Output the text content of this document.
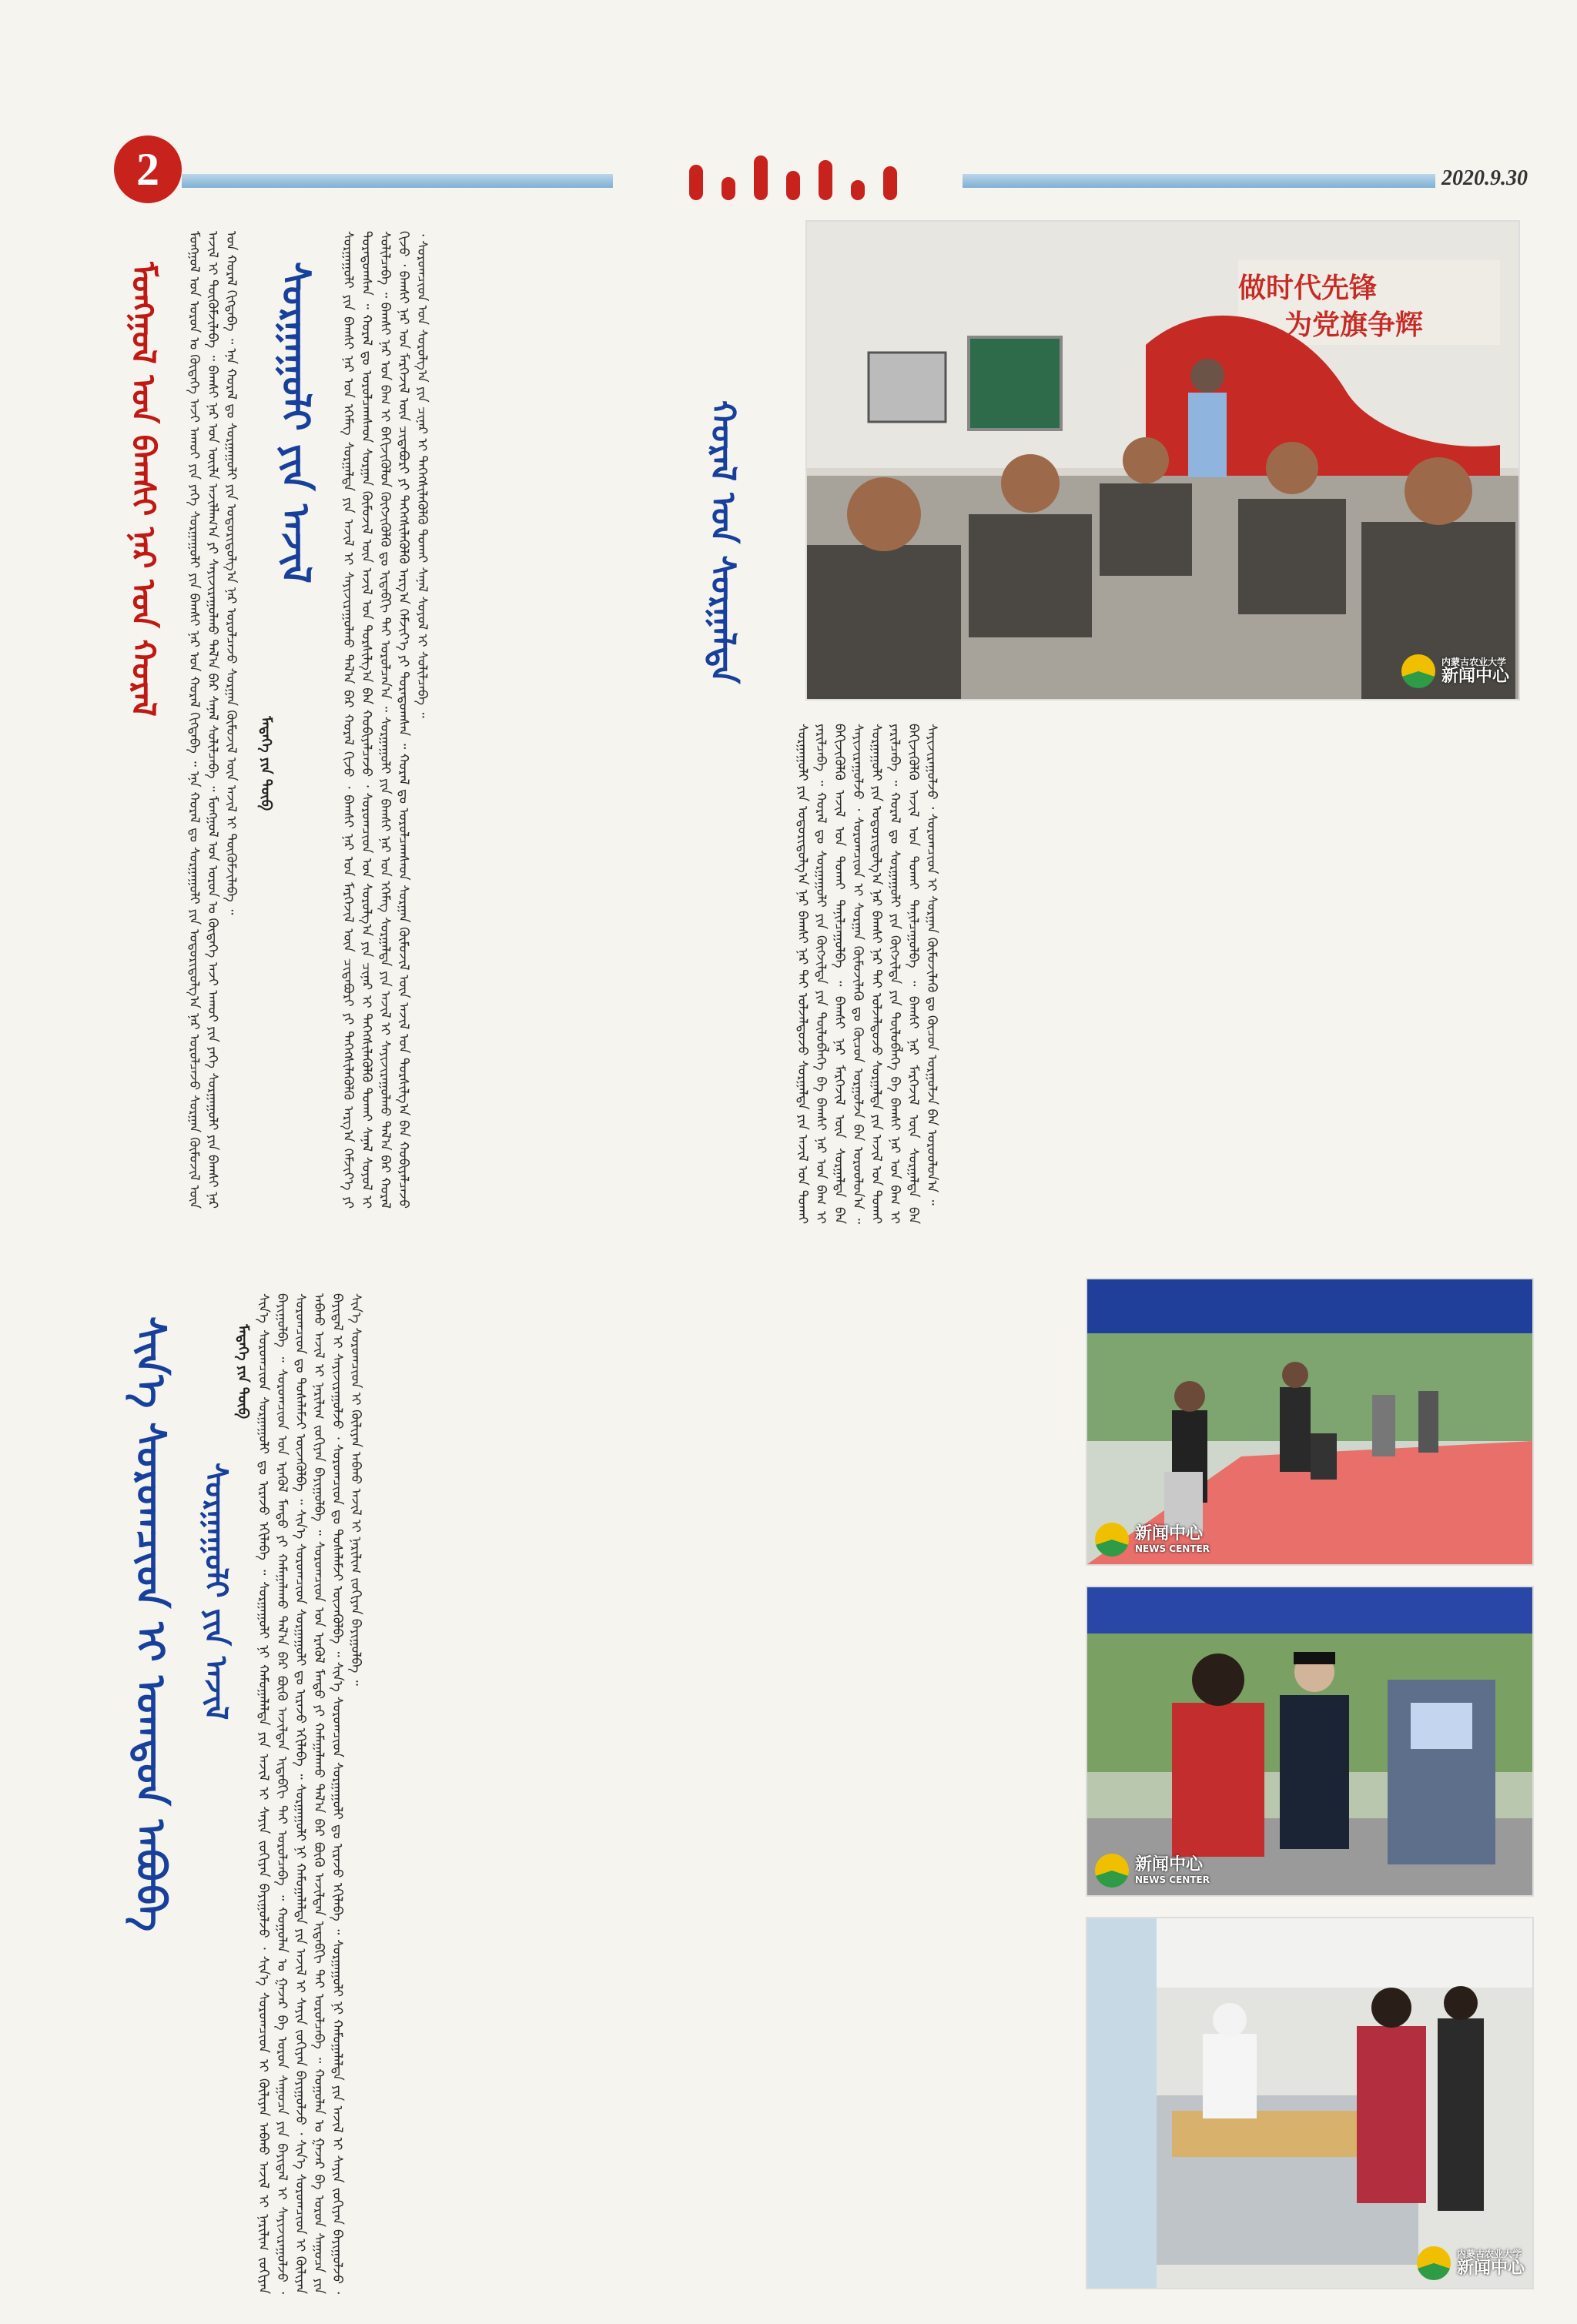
2	2020.9.30
ᠮᠣᠩᠭᠣᠯ ᠤᠨ ᠪᠠᠭᠰᠢ ᠨᠠᠷ ᠤᠨ ᠬᠤᠷᠠᠯ	ᠰᠤᠷᠭᠠᠭᠤᠯᠢ ᠶᠢᠨ ᠠᠵᠢᠯ	ᠬᠤᠷᠠᠯ ᠤᠨ ᠰᠤᠷᠭᠠᠯᠲᠠ
ᠮᠡᠳᠡᠭᠡ ᠶᠢᠨ ᠲᠥᠪ
ᠮᠣᠩᠭᠣᠯ ᠤᠨ ᠣᠷᠣᠨ ᠤ ᠬᠥᠳᠡᠭᠡ ᠠᠵᠢ ᠠᠬᠤᠢ ᠶᠢᠨ ᠶᠡᠬᠡ ᠰᠤᠷᠭᠠᠭᠤᠯᠢ ᠶᠢᠨ ᠪᠠᠭᠰᠢ ᠨᠠᠷ ᠤᠨ ᠬᠤᠷᠠᠯ ᠬᠢᠭᠳᠡᠪᠡ ᠃ ᠡᠨᠡ ᠬᠤᠷᠠᠯ ᠳᠤ ᠰᠤᠷᠭᠠᠭᠤᠯᠢ ᠶᠢᠨ ᠤᠳᠤᠷᠢᠳᠤᠯᠭ᠎ᠠ ᠨᠠᠷ ᠣᠷᠤᠯᠴᠠᠵᠤ ᠰᠤᠷᠭᠠᠨ ᠬᠦᠮᠦᠵᠢᠯ ᠦᠨ ᠠᠵᠢᠯ ᠢ ᠳᠦᠭᠦᠮᠵᠢᠯᠡᠪᠡ ᠃ ᠪᠠᠭᠰᠢ ᠨᠠᠷ ᠤᠨ ᠦᠢᠯᠡ ᠠᠵᠢᠯᠯᠠᠭ᠎ᠠ ᠶᠢ ᠰᠠᠶᠢᠵᠢᠷᠠᠭᠤᠯᠬᠤ ᠲᠠᠯ᠎ᠠ ᠪᠠᠷ ᠰᠠᠨᠠᠯ ᠰᠣᠯᠢᠯᠴᠠᠪᠠ ᠃ ᠮᠣᠩᠭᠣᠯ ᠤᠨ ᠣᠷᠣᠨ ᠤ ᠬᠥᠳᠡᠭᠡ ᠠᠵᠢ ᠠᠬᠤᠢ ᠶᠢᠨ ᠶᠡᠬᠡ ᠰᠤᠷᠭᠠᠭᠤᠯᠢ ᠶᠢᠨ ᠪᠠᠭᠰᠢ ᠨᠠᠷ ᠤᠨ ᠬᠤᠷᠠᠯ ᠬᠢᠭᠳᠡᠪᠡ ᠃ ᠡᠨᠡ ᠬᠤᠷᠠᠯ ᠳᠤ ᠰᠤᠷᠭᠠᠭᠤᠯᠢ ᠶᠢᠨ ᠤᠳᠤᠷᠢᠳᠤᠯᠭ᠎ᠠ ᠨᠠᠷ ᠣᠷᠤᠯᠴᠠᠵᠤ ᠰᠤᠷᠭᠠᠨ ᠬᠦᠮᠦᠵᠢᠯ ᠦᠨ ᠠᠵᠢᠯ ᠢ ᠳᠦᠭᠦᠮᠵᠢᠯᠡᠪᠡ ᠃	ᠰᠤᠷᠭᠠᠭᠤᠯᠢ ᠶᠢᠨ ᠪᠠᠭᠰᠢ ᠨᠠᠷ ᠤᠨ ᠡᠭᠡᠮᠡᠭ ᠰᠤᠷᠭᠠᠯᠲᠠ ᠶᠢᠨ ᠠᠵᠢᠯ ᠢ ᠰᠠᠶᠢᠵᠢᠷᠠᠭᠤᠯᠬᠤ ᠲᠠᠯ᠎ᠠ ᠪᠠᠷ ᠬᠤᠷᠠᠯ ᠬᠢᠵᠦ ᠂ ᠪᠠᠭᠰᠢ ᠨᠠᠷ ᠤᠨ ᠮᠡᠷᠭᠡᠵᠢᠯ ᠦᠨ ᠴᠢᠳᠠᠪᠤᠷᠢ ᠶᠢ ᠳᠡᠭᠡᠭᠰᠢᠯᠡᠭᠦᠯᠬᠦ ᠠᠷᠭ᠎ᠠ ᠬᠡᠮᠵᠢᠶ᠎ᠡ ᠶᠢ ᠳᠤᠷᠠᠳᠤᠭᠰᠠᠨ ᠃ ᠬᠤᠷᠠᠯ ᠳᠤ ᠣᠷᠤᠯᠴᠠᠭᠰᠠᠳ ᠰᠤᠷᠭᠠᠨ ᠬᠦᠮᠦᠵᠢᠯ ᠦᠨ ᠠᠵᠢᠯ ᠤᠨ ᠲᠤᠷᠰᠢᠯᠭ᠎ᠠ ᠪᠠᠨ ᠬᠤᠪᠢᠶᠠᠯᠴᠠᠵᠤ ᠂ ᠰᠤᠷᠤᠭᠴᠢᠳ ᠤᠨ ᠰᠤᠷᠤᠯᠭ᠎ᠠ ᠶᠢᠨ ᠴᠢᠨᠠᠷ ᠢ ᠳᠡᠭᠡᠭᠰᠢᠯᠡᠭᠦᠯᠬᠦ ᠲᠤᠬᠠᠢ ᠰᠠᠨᠠᠯ ᠰᠣᠶᠣᠯ ᠢ ᠰᠣᠯᠢᠯᠴᠠᠪᠠ ᠃ ᠪᠠᠭᠰᠢ ᠨᠠᠷ ᠤᠨ ᠪᠠᠭ ᠢ ᠪᠡᠬᠢᠵᠢᠭᠦᠯᠦᠨ ᠬᠥᠭᠵᠢᠭᠦᠯᠬᠦ ᠳᠤ ᠢᠳᠡᠪᠬᠢ ᠲᠡᠶ ᠣᠷᠤᠯᠴᠠᠨ᠎ᠠ ᠃ ᠰᠤᠷᠭᠠᠭᠤᠯᠢ ᠶᠢᠨ ᠪᠠᠭᠰᠢ ᠨᠠᠷ ᠤᠨ ᠡᠭᠡᠮᠡᠭ ᠰᠤᠷᠭᠠᠯᠲᠠ ᠶᠢᠨ ᠠᠵᠢᠯ ᠢ ᠰᠠᠶᠢᠵᠢᠷᠠᠭᠤᠯᠬᠤ ᠲᠠᠯ᠎ᠠ ᠪᠠᠷ ᠬᠤᠷᠠᠯ ᠬᠢᠵᠦ ᠂ ᠪᠠᠭᠰᠢ ᠨᠠᠷ ᠤᠨ ᠮᠡᠷᠭᠡᠵᠢᠯ ᠦᠨ ᠴᠢᠳᠠᠪᠤᠷᠢ ᠶᠢ ᠳᠡᠭᠡᠭᠰᠢᠯᠡᠭᠦᠯᠬᠦ ᠠᠷᠭ᠎ᠠ ᠬᠡᠮᠵᠢᠶ᠎ᠡ ᠶᠢ ᠳᠤᠷᠠᠳᠤᠭᠰᠠᠨ ᠃ ᠬᠤᠷᠠᠯ ᠳᠤ ᠣᠷᠤᠯᠴᠠᠭᠰᠠᠳ ᠰᠤᠷᠭᠠᠨ ᠬᠦᠮᠦᠵᠢᠯ ᠦᠨ ᠠᠵᠢᠯ ᠤᠨ ᠲᠤᠷᠰᠢᠯᠭ᠎ᠠ ᠪᠠᠨ ᠬᠤᠪᠢᠶᠠᠯᠴᠠᠵᠤ ᠂ ᠰᠤᠷᠤᠭᠴᠢᠳ ᠤᠨ ᠰᠤᠷᠤᠯᠭ᠎ᠠ ᠶᠢᠨ ᠴᠢᠨᠠᠷ ᠢ ᠳᠡᠭᠡᠭᠰᠢᠯᠡᠭᠦᠯᠬᠦ ᠲᠤᠬᠠᠢ ᠰᠠᠨᠠᠯ ᠰᠣᠶᠣᠯ ᠢ ᠰᠣᠯᠢᠯᠴᠠᠪᠠ ᠃
ᠰᠤᠷᠭᠠᠭᠤᠯᠢ ᠶᠢᠨ ᠤᠳᠤᠷᠢᠳᠤᠯᠭ᠎ᠠ ᠨᠠᠷ ᠪᠠᠭᠰᠢ ᠨᠠᠷ ᠲᠠᠢ ᠤᠯᠵᠠᠯᠳᠤᠵᠤ ᠰᠤᠷᠭᠠᠯᠲᠠ ᠶᠢᠨ ᠠᠵᠢᠯ ᠤᠨ ᠲᠤᠬᠠᠢ ᠶᠠᠷᠢᠯᠴᠠᠪᠠ ᠃ ᠬᠤᠷᠠᠯ ᠳᠤ ᠰᠤᠷᠭᠠᠭᠤᠯᠢ ᠶᠢᠨ ᠬᠥᠭᠵᠢᠯᠲᠡ ᠶᠢᠨ ᠲᠥᠯᠥᠪᠯᠡᠭᠡ ᠪᠠ ᠪᠠᠭᠰᠢ ᠨᠠᠷ ᠤᠨ ᠪᠠᠭ ᠢ ᠪᠡᠬᠢᠵᠢᠭᠦᠯᠬᠦ ᠠᠵᠢᠯ ᠤᠨ ᠲᠤᠬᠠᠢ ᠲᠠᠨᠢᠯᠴᠠᠭᠤᠯᠪᠠ ᠃ ᠪᠠᠭᠰᠢ ᠨᠠᠷ ᠮᠡᠷᠭᠡᠵᠢᠯ ᠦᠨ ᠰᠤᠷᠭᠠᠯᠲᠠ ᠪᠠᠨ ᠰᠠᠶᠢᠵᠢᠷᠠᠭᠤᠯᠵᠤ ᠂ ᠰᠤᠷᠤᠭᠴᠢᠳ ᠢ ᠰᠤᠷᠭᠠᠨ ᠬᠦᠮᠦᠵᠢᠯᠡᠬᠦ ᠳᠤ ᠬᠦᠴᠦᠨ ᠤᠷᠭᠤᠯᠵᠠ ᠪᠡᠨ ᠣᠷᠤᠤᠯᠤᠨ᠎ᠠ ᠃ ᠰᠤᠷᠭᠠᠭᠤᠯᠢ ᠶᠢᠨ ᠤᠳᠤᠷᠢᠳᠤᠯᠭ᠎ᠠ ᠨᠠᠷ ᠪᠠᠭᠰᠢ ᠨᠠᠷ ᠲᠠᠢ ᠤᠯᠵᠠᠯᠳᠤᠵᠤ ᠰᠤᠷᠭᠠᠯᠲᠠ ᠶᠢᠨ ᠠᠵᠢᠯ ᠤᠨ ᠲᠤᠬᠠᠢ ᠶᠠᠷᠢᠯᠴᠠᠪᠠ ᠃ ᠬᠤᠷᠠᠯ ᠳᠤ ᠰᠤᠷᠭᠠᠭᠤᠯᠢ ᠶᠢᠨ ᠬᠥᠭᠵᠢᠯᠲᠡ ᠶᠢᠨ ᠲᠥᠯᠥᠪᠯᠡᠭᠡ ᠪᠠ ᠪᠠᠭᠰᠢ ᠨᠠᠷ ᠤᠨ ᠪᠠᠭ ᠢ ᠪᠡᠬᠢᠵᠢᠭᠦᠯᠬᠦ ᠠᠵᠢᠯ ᠤᠨ ᠲᠤᠬᠠᠢ ᠲᠠᠨᠢᠯᠴᠠᠭᠤᠯᠪᠠ ᠃ ᠪᠠᠭᠰᠢ ᠨᠠᠷ ᠮᠡᠷᠭᠡᠵᠢᠯ ᠦᠨ ᠰᠤᠷᠭᠠᠯᠲᠠ ᠪᠠᠨ ᠰᠠᠶᠢᠵᠢᠷᠠᠭᠤᠯᠵᠤ ᠂ ᠰᠤᠷᠤᠭᠴᠢᠳ ᠢ ᠰᠤᠷᠭᠠᠨ ᠬᠦᠮᠦᠵᠢᠯᠡᠬᠦ ᠳᠤ ᠬᠦᠴᠦᠨ ᠤᠷᠭᠤᠯᠵᠠ ᠪᠡᠨ ᠣᠷᠤᠤᠯᠤᠨ᠎ᠠ ᠃
做时代先锋
为党旗争辉
内蒙古农业大学
新闻中心
ᠰᠢᠨ᠎ᠡ ᠰᠤᠷᠤᠭᠴᠢᠳ ᠢ ᠤᠭᠲᠤᠨ ᠠᠪᠤᠪᠠ ᠰᠤᠷᠭᠠᠭᠤᠯᠢ ᠶᠢᠨ ᠠᠵᠢᠯ
ᠮᠡᠳᠡᠭᠡ ᠶᠢᠨ ᠲᠥᠪ ᠰᠢᠨ᠎ᠡ ᠰᠤᠷᠤᠭᠴᠢᠳ ᠰᠤᠷᠭᠠᠭᠤᠯᠢ ᠳᠤ ᠢᠷᠡᠵᠦ ᠡᠬᠢᠯᠡᠪᠡ ᠃ ᠰᠤᠷᠭᠠᠭᠤᠯᠢ ᠨᠢ ᠬᠠᠮᠤᠭᠠᠯᠠᠯᠲᠠ ᠶᠢᠨ ᠠᠵᠢᠯ ᠢ ᠰᠠᠶᠢᠨ ᠵᠣᠬᠢᠶᠠᠨ ᠪᠠᠶᠢᠭᠤᠯᠵᠤ ᠂ ᠰᠢᠨ᠎ᠡ ᠰᠤᠷᠤᠭᠴᠢᠳ ᠢ ᠬᠦᠯᠢᠶᠡᠨ ᠠᠪᠬᠤ ᠠᠵᠢᠯ ᠢ ᠨᠠᠷᠢᠯᠢᠭ ᠵᠣᠬᠢᠶᠠᠨ ᠪᠠᠶᠢᠭᠤᠯᠪᠠ ᠃ ᠰᠤᠷᠤᠭᠴᠢᠳ ᠤᠨ ᠡᠷᠡᠭᠦᠯ ᠮᠡᠨᠳᠦ ᠶᠢ ᠬᠠᠮᠠᠭᠠᠯᠠᠬᠤ ᠲᠠᠯ᠎ᠠ ᠪᠠᠷ ᠪᠦᠬᠦ ᠠᠵᠢᠯᠲᠠᠨ ᠢᠳᠡᠪᠬᠢ ᠲᠡᠶ ᠣᠷᠤᠯᠴᠠᠪᠠ ᠃ ᠬᠣᠭᠣᠯᠠᠨ ᠤ ᠭᠠᠵᠠᠷ ᠪᠠ ᠤᠷᠤᠨ ᠰᠠᠭᠤᠴᠠ ᠶᠢᠨ ᠪᠠᠶᠢᠳᠠᠯ ᠢ ᠰᠠᠶᠢᠵᠢᠷᠠᠭᠤᠯᠵᠤ ᠂ ᠰᠤᠷᠤᠭᠴᠢᠳ ᠳᠤ ᠲᠤᠰᠠᠯᠠᠮᠵᠢ ᠦᠵᠡᠭᠦᠯᠪᠡ ᠃ ᠰᠢᠨ᠎ᠡ ᠰᠤᠷᠤᠭᠴᠢᠳ ᠰᠤᠷᠭᠠᠭᠤᠯᠢ ᠳᠤ ᠢᠷᠡᠵᠦ ᠡᠬᠢᠯᠡᠪᠡ ᠃ ᠰᠤᠷᠭᠠᠭᠤᠯᠢ ᠨᠢ ᠬᠠᠮᠤᠭᠠᠯᠠᠯᠲᠠ ᠶᠢᠨ ᠠᠵᠢᠯ ᠢ ᠰᠠᠶᠢᠨ ᠵᠣᠬᠢᠶᠠᠨ ᠪᠠᠶᠢᠭᠤᠯᠵᠤ ᠂ ᠰᠢᠨ᠎ᠡ ᠰᠤᠷᠤᠭᠴᠢᠳ ᠢ ᠬᠦᠯᠢᠶᠡᠨ ᠠᠪᠬᠤ ᠠᠵᠢᠯ ᠢ ᠨᠠᠷᠢᠯᠢᠭ ᠵᠣᠬᠢᠶᠠᠨ ᠪᠠᠶᠢᠭᠤᠯᠪᠠ ᠃ ᠰᠤᠷᠤᠭᠴᠢᠳ ᠤᠨ ᠡᠷᠡᠭᠦᠯ ᠮᠡᠨᠳᠦ ᠶᠢ ᠬᠠᠮᠠᠭᠠᠯᠠᠬᠤ ᠲᠠᠯ᠎ᠠ ᠪᠠᠷ ᠪᠦᠬᠦ ᠠᠵᠢᠯᠲᠠᠨ ᠢᠳᠡᠪᠬᠢ ᠲᠡᠶ ᠣᠷᠤᠯᠴᠠᠪᠠ ᠃ ᠬᠣᠭᠣᠯᠠᠨ ᠤ ᠭᠠᠵᠠᠷ ᠪᠠ ᠤᠷᠤᠨ ᠰᠠᠭᠤᠴᠠ ᠶᠢᠨ ᠪᠠᠶᠢᠳᠠᠯ ᠢ ᠰᠠᠶᠢᠵᠢᠷᠠᠭᠤᠯᠵᠤ ᠂ ᠰᠤᠷᠤᠭᠴᠢᠳ ᠳᠤ ᠲᠤᠰᠠᠯᠠᠮᠵᠢ ᠦᠵᠡᠭᠦᠯᠪᠡ ᠃ ᠰᠢᠨ᠎ᠡ ᠰᠤᠷᠤᠭᠴᠢᠳ ᠰᠤᠷᠭᠠᠭᠤᠯᠢ ᠳᠤ ᠢᠷᠡᠵᠦ ᠡᠬᠢᠯᠡᠪᠡ ᠃ ᠰᠤᠷᠭᠠᠭᠤᠯᠢ ᠨᠢ ᠬᠠᠮᠤᠭᠠᠯᠠᠯᠲᠠ ᠶᠢᠨ ᠠᠵᠢᠯ ᠢ ᠰᠠᠶᠢᠨ ᠵᠣᠬᠢᠶᠠᠨ ᠪᠠᠶᠢᠭᠤᠯᠵᠤ ᠂ ᠰᠢᠨ᠎ᠡ ᠰᠤᠷᠤᠭᠴᠢᠳ ᠢ ᠬᠦᠯᠢᠶᠡᠨ ᠠᠪᠬᠤ ᠠᠵᠢᠯ ᠢ ᠨᠠᠷᠢᠯᠢᠭ ᠵᠣᠬᠢᠶᠠᠨ ᠪᠠᠶᠢᠭᠤᠯᠪᠠ ᠃	新闻中心
NEWS CENTER
新闻中心
NEWS CENTER
内蒙古农业大学
新闻中心
